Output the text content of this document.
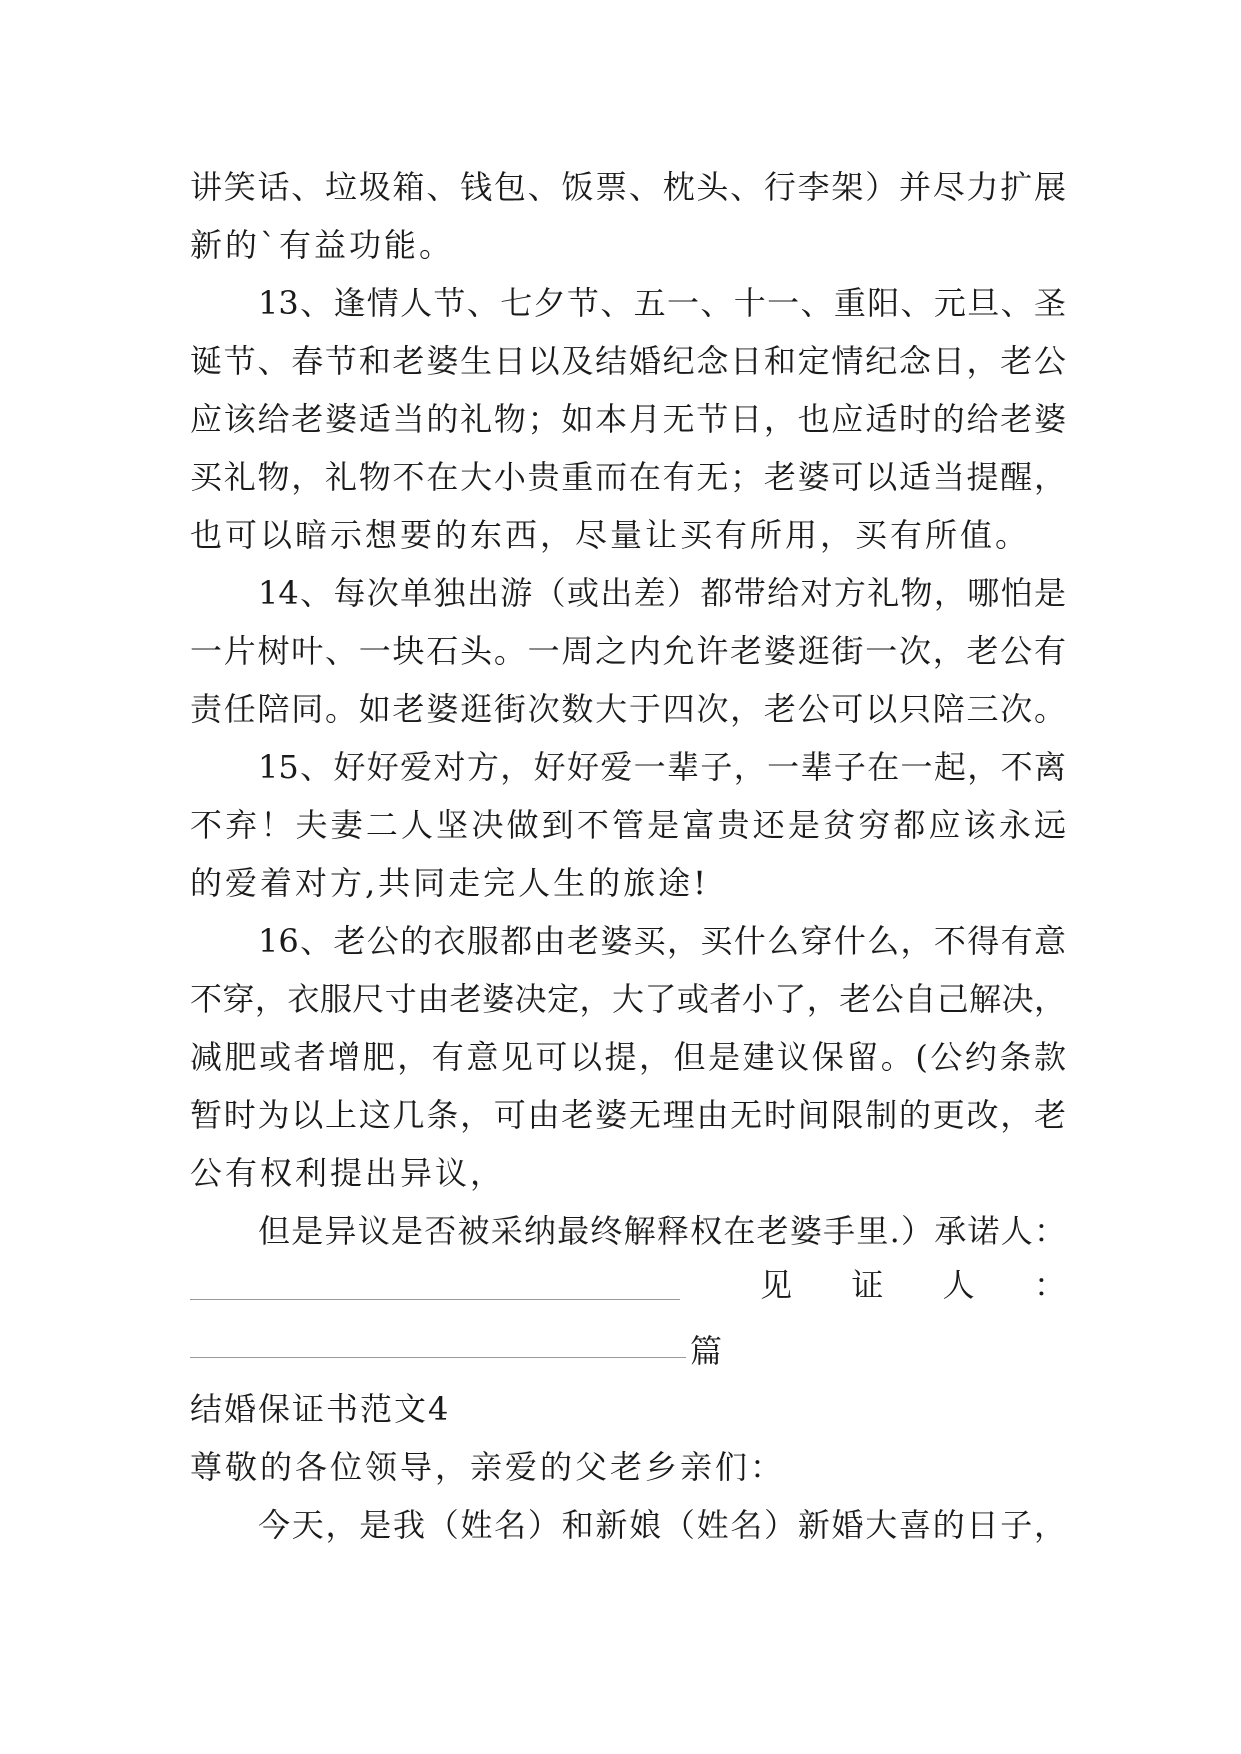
讲笑话、垃圾箱、钱包、饭票、枕头、行李架）并尽力扩展
新的`有益功能。
13、逢情人节、七夕节、五一、十一、重阳、元旦、圣
诞节、春节和老婆生日以及结婚纪念日和定情纪念日，老公
应该给老婆适当的礼物；如本月无节日，也应适时的给老婆
买礼物，礼物不在大小贵重而在有无；老婆可以适当提醒，
也可以暗示想要的东西，尽量让买有所用，买有所值。
14、每次单独出游（或出差）都带给对方礼物，哪怕是
一片树叶、一块石头。一周之内允许老婆逛街一次，老公有
责任陪同。如老婆逛街次数大于四次，老公可以只陪三次。
15、好好爱对方，好好爱一辈子，一辈子在一起，不离
不弃！夫妻二人坚决做到不管是富贵还是贫穷都应该永远
的爱着对方,共同走完人生的旅途!
16、老公的衣服都由老婆买，买什么穿什么，不得有意
不穿，衣服尺寸由老婆决定，大了或者小了，老公自己解决，
减肥或者增肥，有意见可以提，但是建议保留。(公约条款
暂时为以上这几条，可由老婆无理由无时间限制的更改，老
公有权利提出异议，
但是异议是否被采纳最终解释权在老婆手里.）承诺人：
见 证 人 ：
篇
结婚保证书范文4
尊敬的各位领导，亲爱的父老乡亲们：
今天，是我（姓名）和新娘（姓名）新婚大喜的日子，
